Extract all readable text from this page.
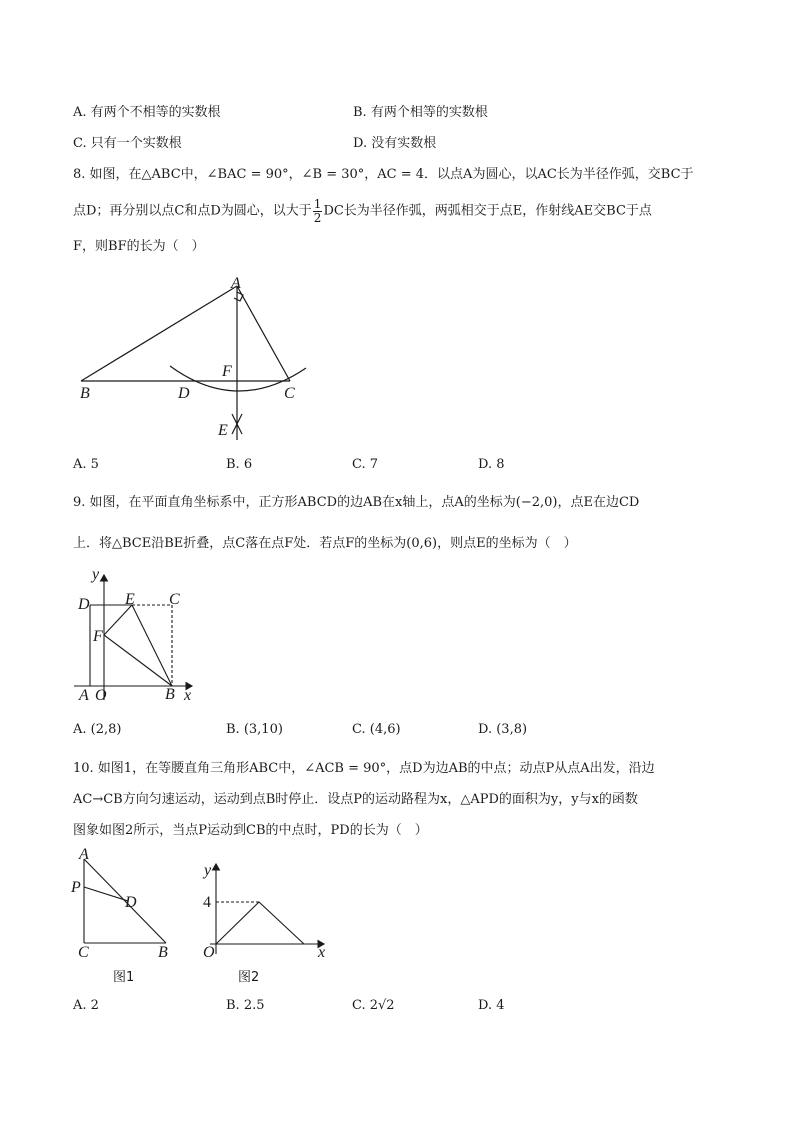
A. 有两个不相等的实数根	B. 有两个相等的实数根
C. 只有一个实数根	D. 没有实数根
8. 如图，在△ABC中，∠BAC = 90°，∠B = 30°，AC = 4．以点A为圆心，以AC长为半径作弧，交BC于
点D；再分别以点C和点D为圆心，以大于 $\frac{1}{2}$ DC长为半径作弧，两弧相交于点E，作射线AE交BC于点
F，则BF的长为（　）
A
B	D	C
F
E
A. 5	B. 6	C. 7	D. 8
9. 如图，在平面直角坐标系中，正方形ABCD的边AB在x轴上，点A的坐标为(−2,0)，点E在边CD
上．将△BCE沿BE折叠，点C落在点F处．若点F的坐标为(0,6)，则点E的坐标为（　）
y
D E C
F
A O	B x
A. (2,8)	B. (3,10)	C. (4,6)	D. (3,8)
10. 如图1，在等腰直角三角形ABC中，∠ACB = 90°，点D为边AB的中点；动点P从点A出发，沿边
AC→CB方向匀速运动，运动到点B时停止．设点P的运动路程为x，△APD的面积为y，y与x的函数
图象如图2所示，当点P运动到CB的中点时，PD的长为（　）
A
P
D
C	B
图1
y
4
O	x
图2
A. 2	B. 2.5	C. 2√2	D. 4
